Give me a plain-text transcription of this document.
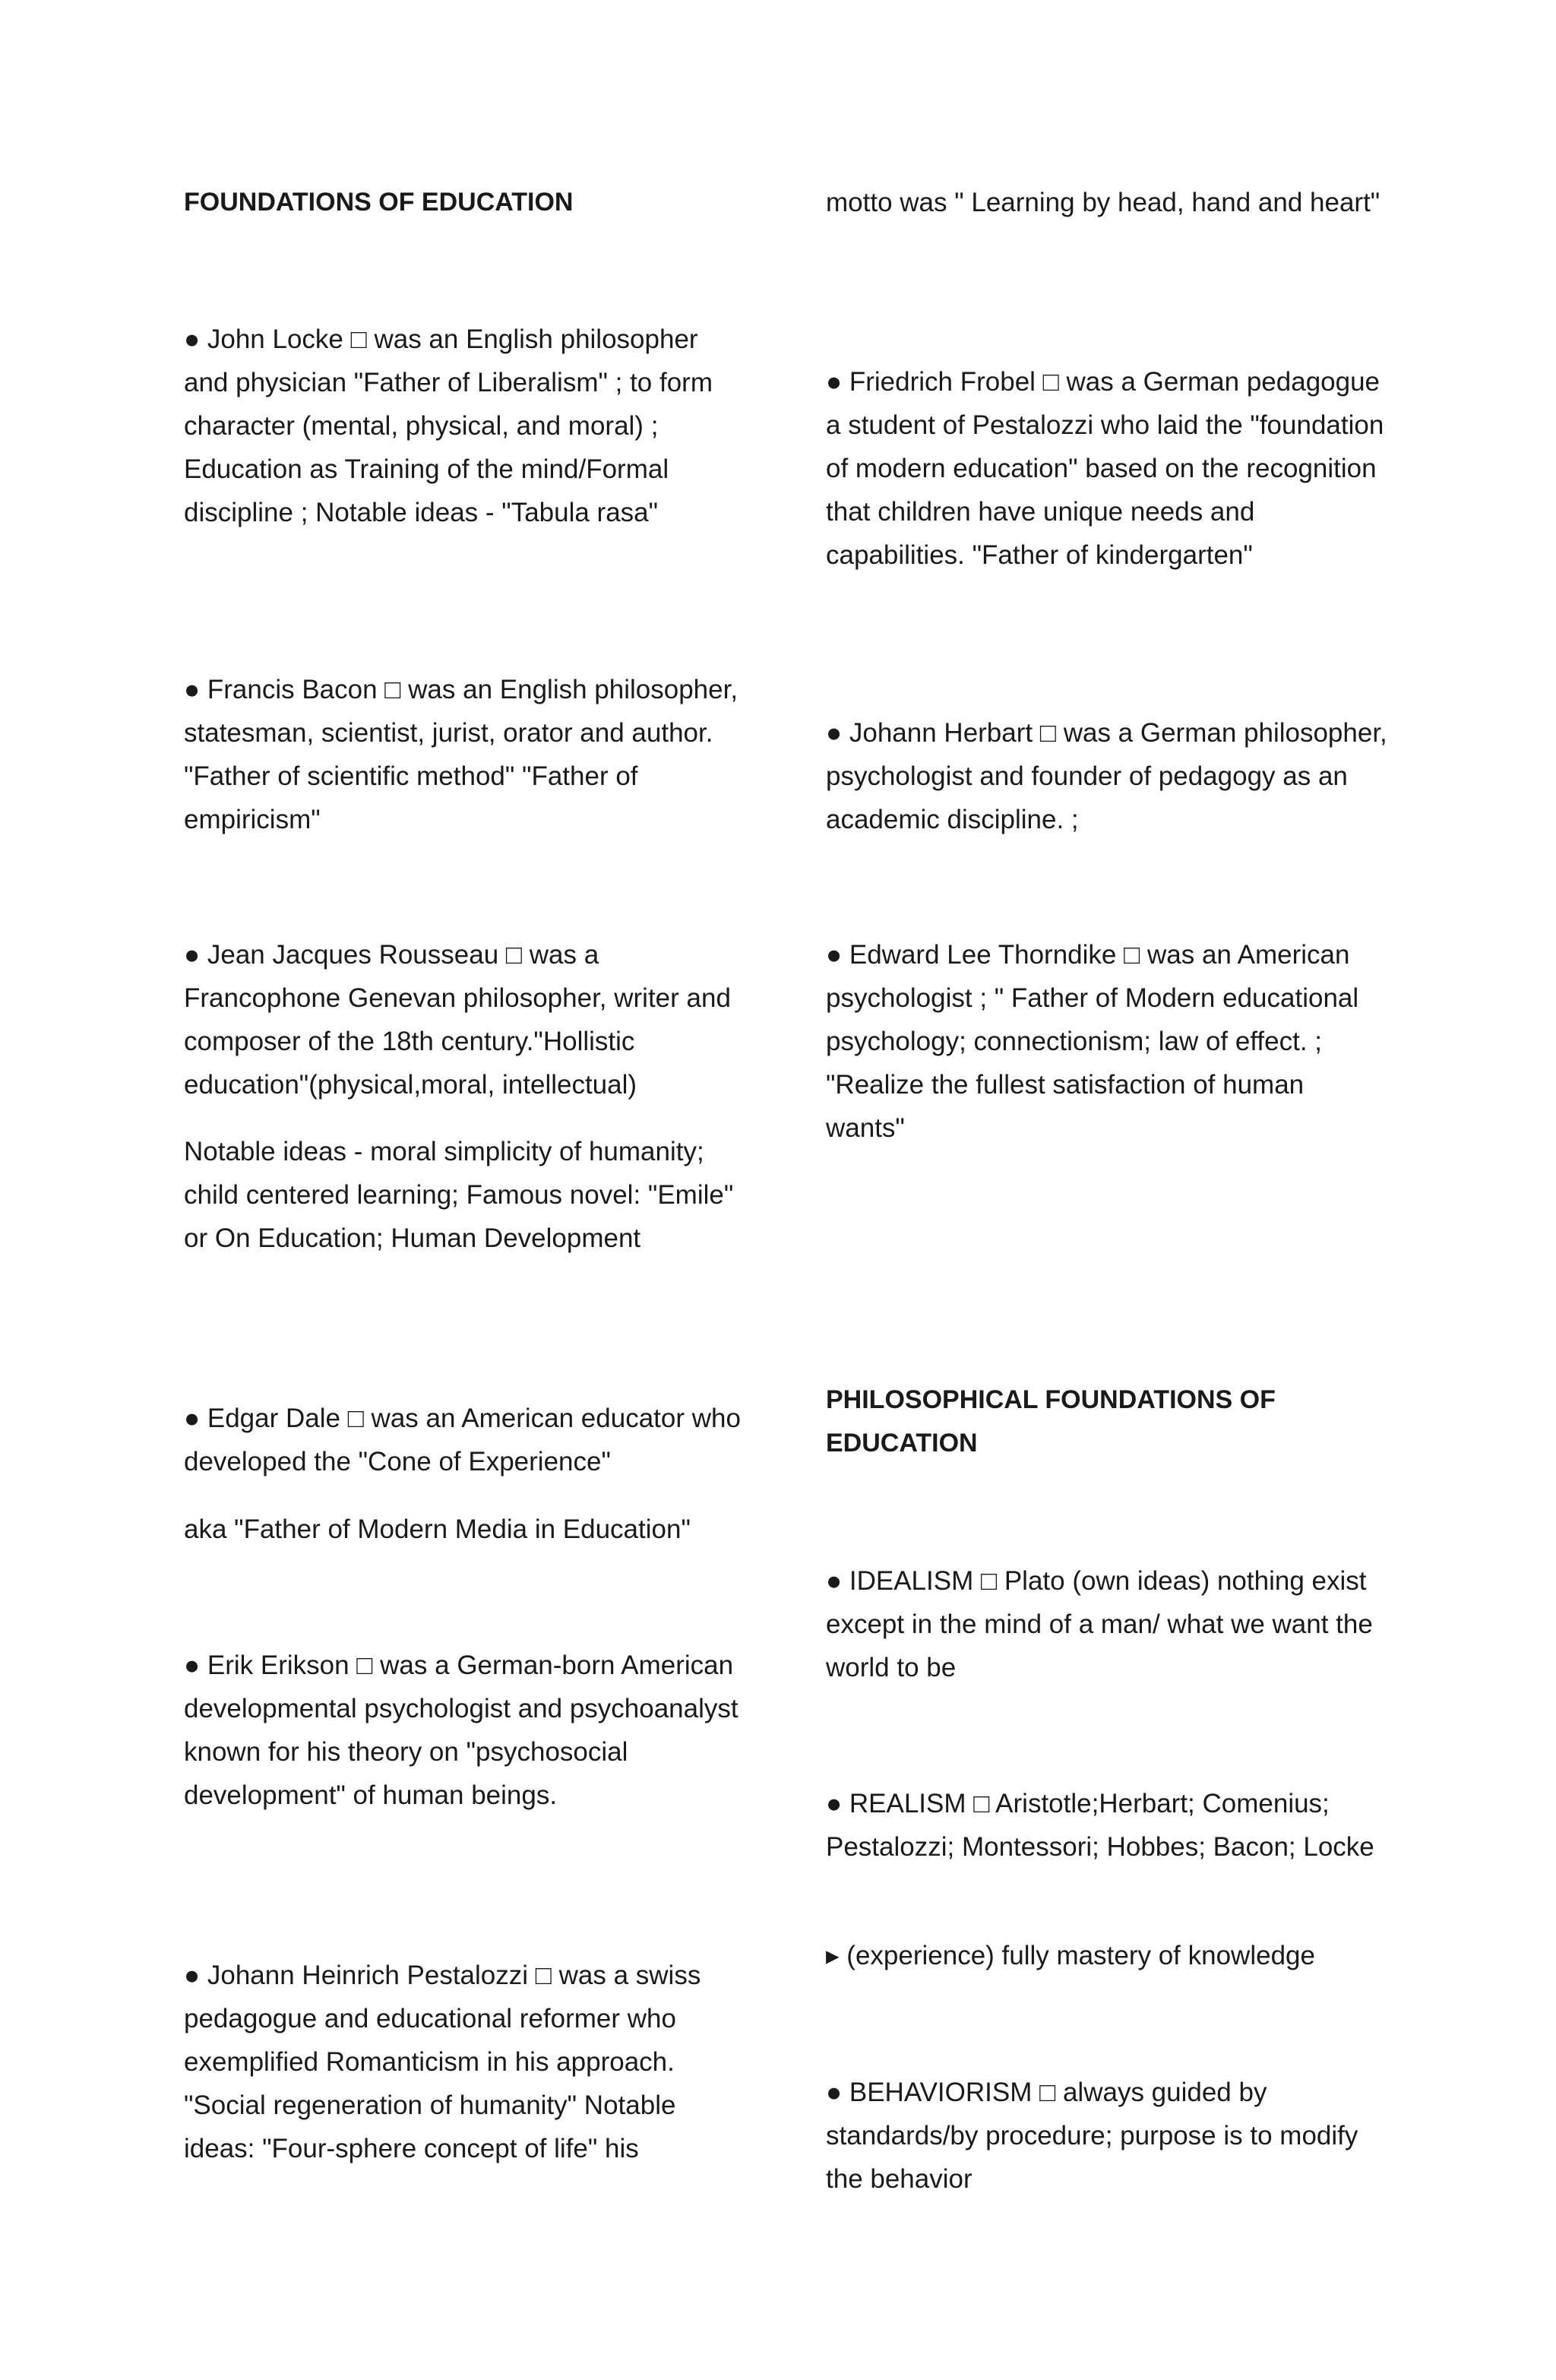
FOUNDATIONS OF EDUCATION

● John Locke □ was an English philosopher and physician "Father of Liberalism" ; to form character (mental, physical, and moral) ; Education as Training of the mind/Formal discipline ; Notable ideas - "Tabula rasa"

● Francis Bacon □ was an English philosopher, statesman, scientist, jurist, orator and author. "Father of scientific method" "Father of empiricism"

● Jean Jacques Rousseau □ was a Francophone Genevan philosopher, writer and composer of the 18th century."Hollistic education"(physical,moral, intellectual)

Notable ideas - moral simplicity of humanity; child centered learning; Famous novel: "Emile" or On Education; Human Development

● Edgar Dale □ was an American educator who developed the "Cone of Experience"

aka "Father of Modern Media in Education"

● Erik Erikson □ was a German-born American developmental psychologist and psychoanalyst known for his theory on "psychosocial development" of human beings.

● Johann Heinrich Pestalozzi □ was a swiss pedagogue and educational reformer who exemplified Romanticism in his approach. "Social regeneration of humanity" Notable ideas: "Four-sphere concept of life" his

motto was " Learning by head, hand and heart"

● Friedrich Frobel □ was a German pedagogue a student of Pestalozzi who laid the "foundation of modern education" based on the recognition that children have unique needs and capabilities. "Father of kindergarten"

● Johann Herbart □ was a German philosopher, psychologist and founder of pedagogy as an academic discipline. ;

● Edward Lee Thorndike □ was an American psychologist ; " Father of Modern educational psychology; connectionism; law of effect. ; "Realize the fullest satisfaction of human wants"

PHILOSOPHICAL FOUNDATIONS OF EDUCATION

● IDEALISM □ Plato (own ideas) nothing exist except in the mind of a man/ what we want the world to be

● REALISM □ Aristotle;Herbart; Comenius; Pestalozzi; Montessori; Hobbes; Bacon; Locke

▸ (experience) fully mastery of knowledge

● BEHAVIORISM □ always guided by standards/by procedure; purpose is to modify the behavior
